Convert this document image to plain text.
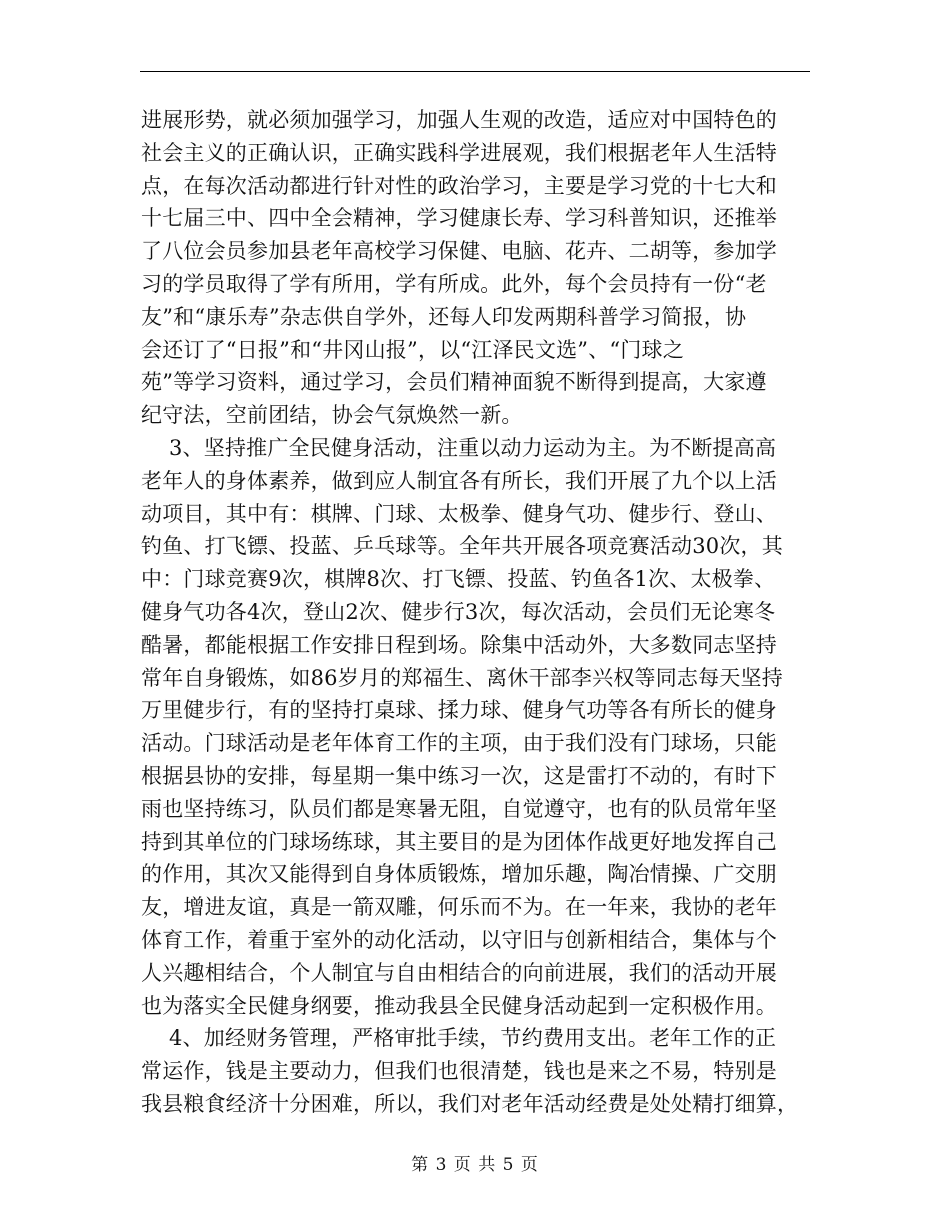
进展形势，就必须加强学习，加强人生观的改造，适应对中国特色的
社会主义的正确认识，正确实践科学进展观，我们根据老年人生活特
点，在每次活动都进行针对性的政治学习，主要是学习党的十七大和
十七届三中、四中全会精神，学习健康长寿、学习科普知识，还推举
了八位会员参加县老年高校学习保健、电脑、花卉、二胡等，参加学
习的学员取得了学有所用，学有所成。此外，每个会员持有一份“老
友”和“康乐寿”杂志供自学外，还每人印发两期科普学习简报，协
会还订了“日报”和“井冈山报”，以“江泽民文选”、“门球之
苑”等学习资料，通过学习，会员们精神面貌不断得到提高，大家遵
纪守法，空前团结，协会气氛焕然一新。
3、坚持推广全民健身活动，注重以动力运动为主。为不断提高高
老年人的身体素养，做到应人制宜各有所长，我们开展了九个以上活
动项目，其中有：棋牌、门球、太极拳、健身气功、健步行、登山、
钓鱼、打飞镖、投蓝、乒乓球等。全年共开展各项竞赛活动30次，其
中：门球竞赛9次，棋牌8次、打飞镖、投蓝、钓鱼各1次、太极拳、
健身气功各4次，登山2次、健步行3次，每次活动，会员们无论寒冬
酷暑，都能根据工作安排日程到场。除集中活动外，大多数同志坚持
常年自身锻炼，如86岁月的郑福生、离休干部李兴权等同志每天坚持
万里健步行，有的坚持打桌球、揉力球、健身气功等各有所长的健身
活动。门球活动是老年体育工作的主项，由于我们没有门球场，只能
根据县协的安排，每星期一集中练习一次，这是雷打不动的，有时下
雨也坚持练习，队员们都是寒暑无阻，自觉遵守，也有的队员常年坚
持到其单位的门球场练球，其主要目的是为团体作战更好地发挥自己
的作用，其次又能得到自身体质锻炼，增加乐趣，陶冶情操、广交朋
友，增进友谊，真是一箭双雕，何乐而不为。在一年来，我协的老年
体育工作，着重于室外的动化活动，以守旧与创新相结合，集体与个
人兴趣相结合，个人制宜与自由相结合的向前进展，我们的活动开展
也为落实全民健身纲要，推动我县全民健身活动起到一定积极作用。
4、加经财务管理，严格审批手续，节约费用支出。老年工作的正
常运作，钱是主要动力，但我们也很清楚，钱也是来之不易，特别是
我县粮食经济十分困难，所以，我们对老年活动经费是处处精打细算，
第 3 页 共 5 页
